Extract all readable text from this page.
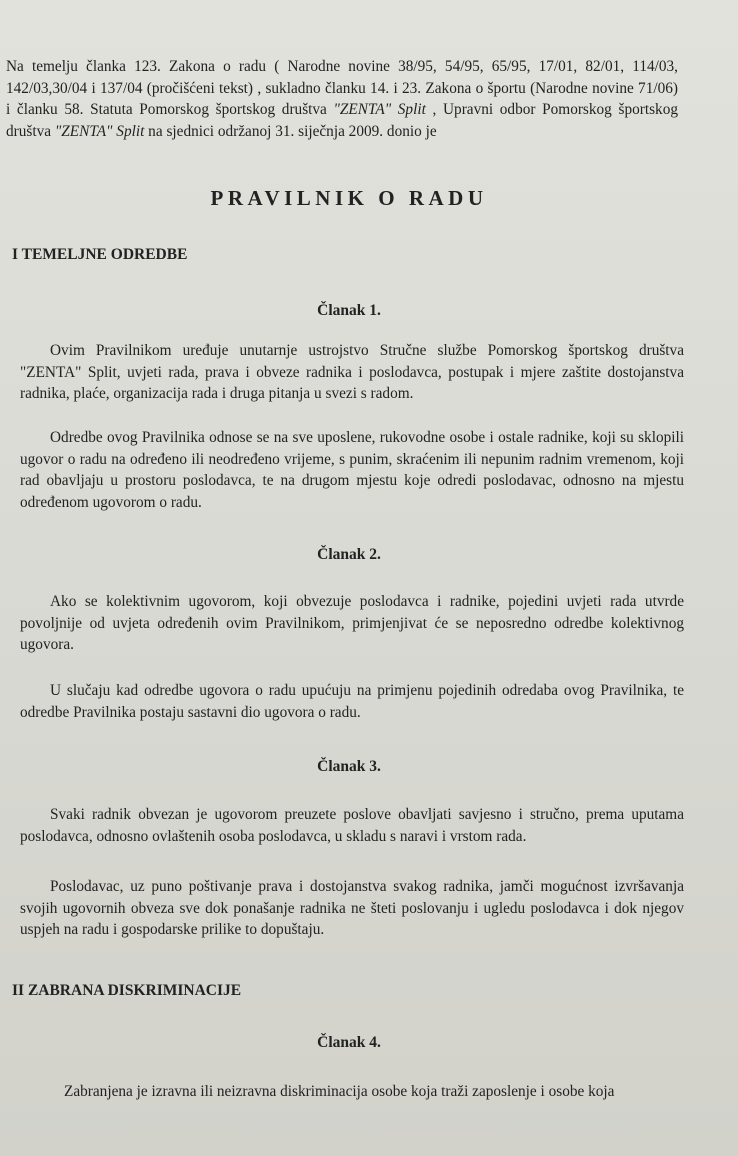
Na temelju članka 123. Zakona o radu ( Narodne novine 38/95, 54/95, 65/95, 17/01, 82/01, 114/03, 142/03,30/04 i 137/04 (pročišćeni tekst) , sukladno članku 14. i 23. Zakona o športu (Narodne novine 71/06) i članku 58. Statuta Pomorskog športskog društva "ZENTA" Split , Upravni odbor Pomorskog športskog društva "ZENTA" Split na sjednici održanoj 31. siječnja 2009. donio je
PRAVILNIK O RADU
I TEMELJNE ODREDBE
Članak 1.
Ovim Pravilnikom uređuje unutarnje ustrojstvo Stručne službe Pomorskog športskog društva "ZENTA" Split, uvjeti rada, prava i obveze radnika i poslodavca, postupak i mjere zaštite dostojanstva radnika, plaće, organizacija rada i druga pitanja u svezi s radom.
Odredbe ovog Pravilnika odnose se na sve uposlene, rukovodne osobe i ostale radnike, koji su sklopili ugovor o radu na određeno ili neodređeno vrijeme, s punim, skraćenim ili nepunim radnim vremenom, koji rad obavljaju u prostoru poslodavca, te na drugom mjestu koje odredi poslodavac, odnosno na mjestu određenom ugovorom o radu.
Članak 2.
Ako se kolektivnim ugovorom, koji obvezuje poslodavca i radnike, pojedini uvjeti rada utvrde povoljnije od uvjeta određenih ovim Pravilnikom, primjenjivat će se neposredno odredbe kolektivnog ugovora.
U slučaju kad odredbe ugovora o radu upućuju na primjenu pojedinih odredaba ovog Pravilnika, te odredbe Pravilnika postaju sastavni dio ugovora o radu.
Članak 3.
Svaki radnik obvezan je ugovorom preuzete poslove obavljati savjesno i stručno, prema uputama poslodavca, odnosno ovlaštenih osoba poslodavca, u skladu s naravi i vrstom rada.
Poslodavac, uz puno poštivanje prava i dostojanstva svakog radnika, jamči mogućnost izvršavanja svojih ugovornih obveza sve dok ponašanje radnika ne šteti poslovanju i ugledu poslodavca i dok njegov uspjeh na radu i gospodarske prilike to dopuštaju.
II ZABRANA DISKRIMINACIJE
Članak 4.
Zabranjena je izravna ili neizravna diskriminacija osobe koja traži zaposlenje i osobe koja
